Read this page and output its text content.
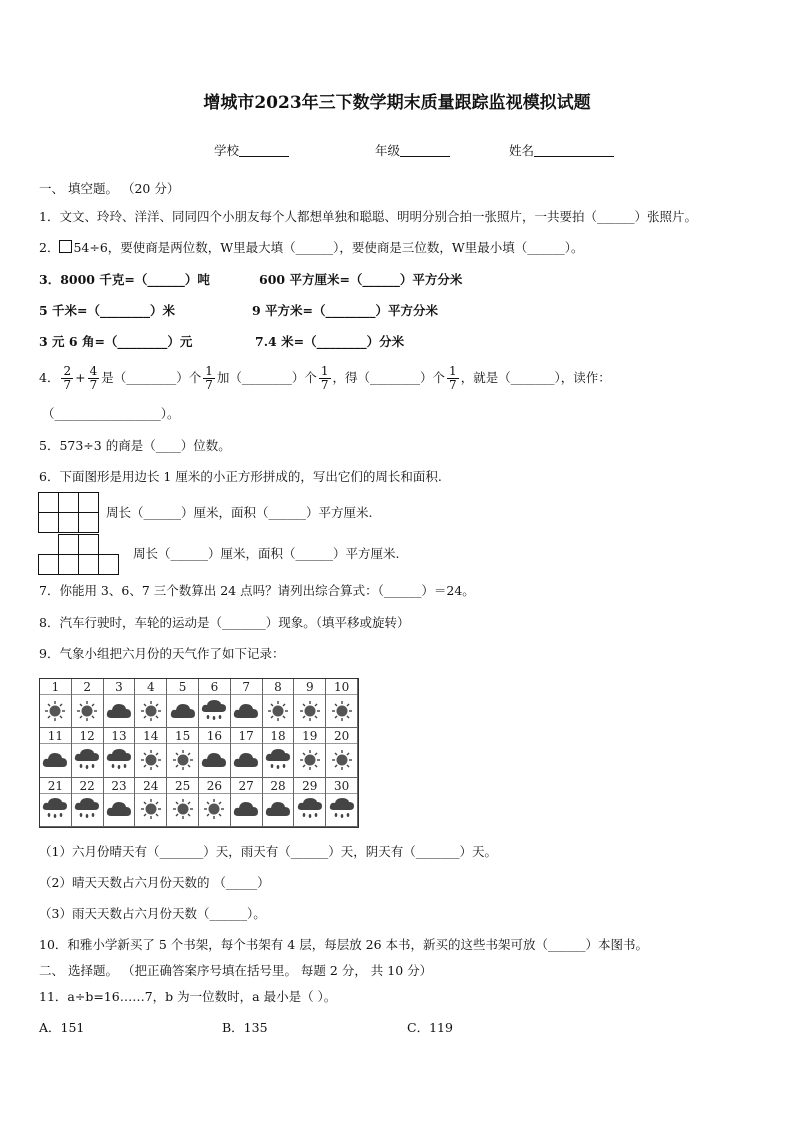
增城市2023年三下数学期末质量跟踪监视模拟试题
学校	年级	姓名
一、 填空题。 （20 分）
1．文文、玲玲、洋洋、同同四个小朋友每个人都想单独和聪聪、明明分别合拍一张照片，一共要拍（______）张照片。
2． 54÷6，要使商是两位数，W里最大填（______），要使商是三位数，W里最小填（______）。
3．8000 千克=（______）吨	600 平方厘米=（______）平方分米
5 千米=（________）米	9 平方米=（________）平方分米
3 元 6 角=（________）元	7.4 米=（________）分米
4． $\frac{2}{7} + \frac{4}{7}$ 是（________）个 $\frac{1}{7}$ 加（________）个 $\frac{1}{7}$ ，得（________）个 $\frac{1}{7}$ ，就是（_______），读作：
（_________________）。
5．573÷3 的商是（____）位数。
6．下面图形是用边长 1 厘米的小正方形拼成的，写出它们的周长和面积.

周长（______）厘米，面积（______）平方厘米.

周长（______）厘米，面积（______）平方厘米.
7．你能用 3、6、7 三个数算出 24 点吗？请列出综合算式：（______）＝24。
8．汽车行驶时，车轮的运动是（_______）现象。（填平移或旋转）
9．气象小组把六月份的天气作了如下记录：
1	2	3	4	5	6	7	8	9	10
11	12	13	14	15	16	17	18	19	20
21	22	23	24	25	26	27	28	29	30
（1）六月份晴天有（_______）天，雨天有（______）天，阴天有（_______）天。
（2）晴天天数占六月份天数的 （_____）
（3）雨天天数占六月份天数（______）。
10．和雅小学新买了 5 个书架，每个书架有 4 层，每层放 26 本书，新买的这些书架可放（______）本图书。
二、 选择题。 （把正确答案序号填在括号里。 每题 2 分， 共 10 分）
11．a÷b=16……7，b 为一位数时，a 最小是（ ）。
A．151	B．135	C．119
